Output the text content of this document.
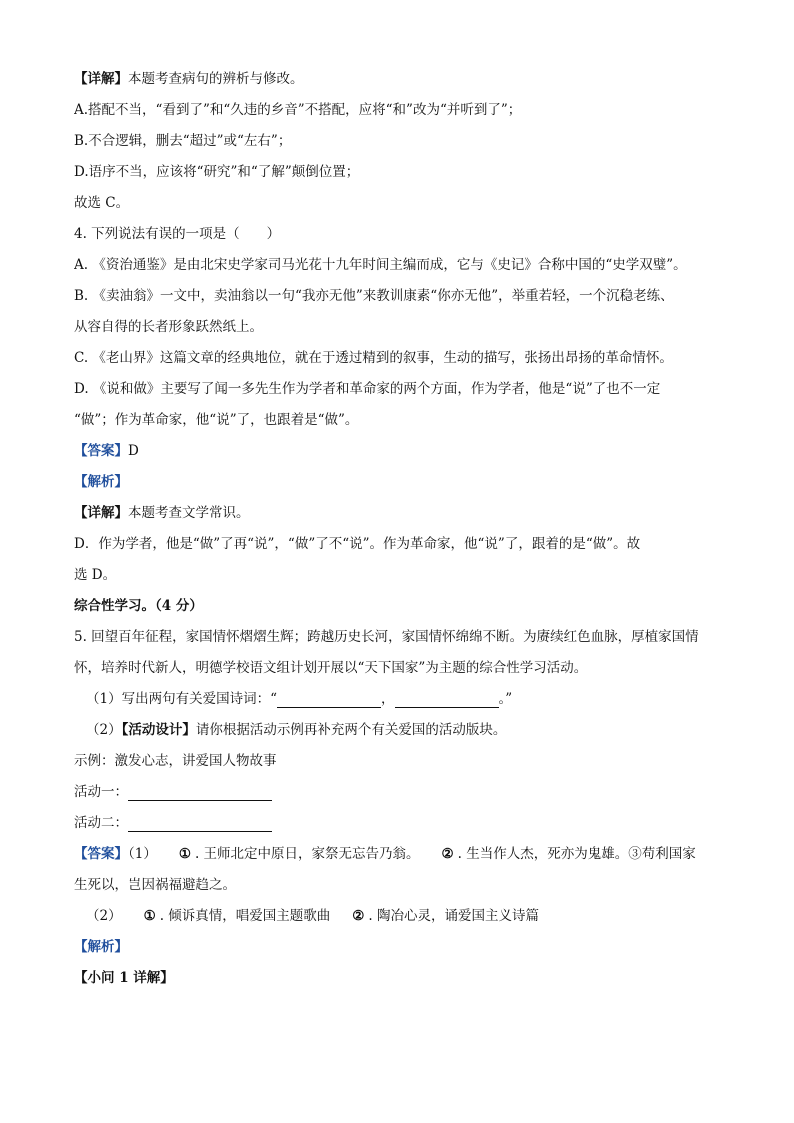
【详解】本题考查病句的辨析与修改。
A.搭配不当，“看到了”和“久违的乡音”不搭配，应将“和”改为“并听到了”；
B.不合逻辑，删去“超过”或“左右”；
D.语序不当，应该将“研究”和“了解”颠倒位置；
故选 C。
4. 下列说法有误的一项是（　　）
A. 《资治通鉴》是由北宋史学家司马光花十九年时间主编而成，它与《史记》合称中国的“史学双璧”。
B. 《卖油翁》一文中，卖油翁以一句“我亦无他”来教训康素“你亦无他”，举重若轻，一个沉稳老练、
从容自得的长者形象跃然纸上。
C. 《老山界》这篇文章的经典地位，就在于透过精到的叙事，生动的描写，张扬出昂扬的革命情怀。
D. 《说和做》主要写了闻一多先生作为学者和革命家的两个方面，作为学者，他是“说”了也不一定
“做”；作为革命家，他“说”了，也跟着是“做”。
【答案】D
【解析】
【详解】本题考查文学常识。
D．作为学者，他是“做”了再“说”，“做”了不“说”。作为革命家，他“说”了，跟着的是“做”。故
选 D。
综合性学习。（4 分）
5. 回望百年征程，家国情怀熠熠生辉；跨越历史长河，家国情怀绵绵不断。为赓续红色血脉，厚植家国情
怀，培养时代新人，明德学校语文组计划开展以“天下国家”为主题的综合性学习活动。
（1）写出两句有关爱国诗词：“	，	。”
（2）【活动设计】请你根据活动示例再补充两个有关爱国的活动版块。
示例：激发心志，讲爱国人物故事
活动一：
活动二：
【答案】（1） ① . 王师北定中原日，家祭无忘告乃翁。 ② . 生当作人杰，死亦为鬼雄。③苟利国家
生死以，岂因祸福避趋之。
（2） ① . 倾诉真情，唱爱国主题歌曲 ② . 陶冶心灵，诵爱国主义诗篇
【解析】
【小问 1 详解】
